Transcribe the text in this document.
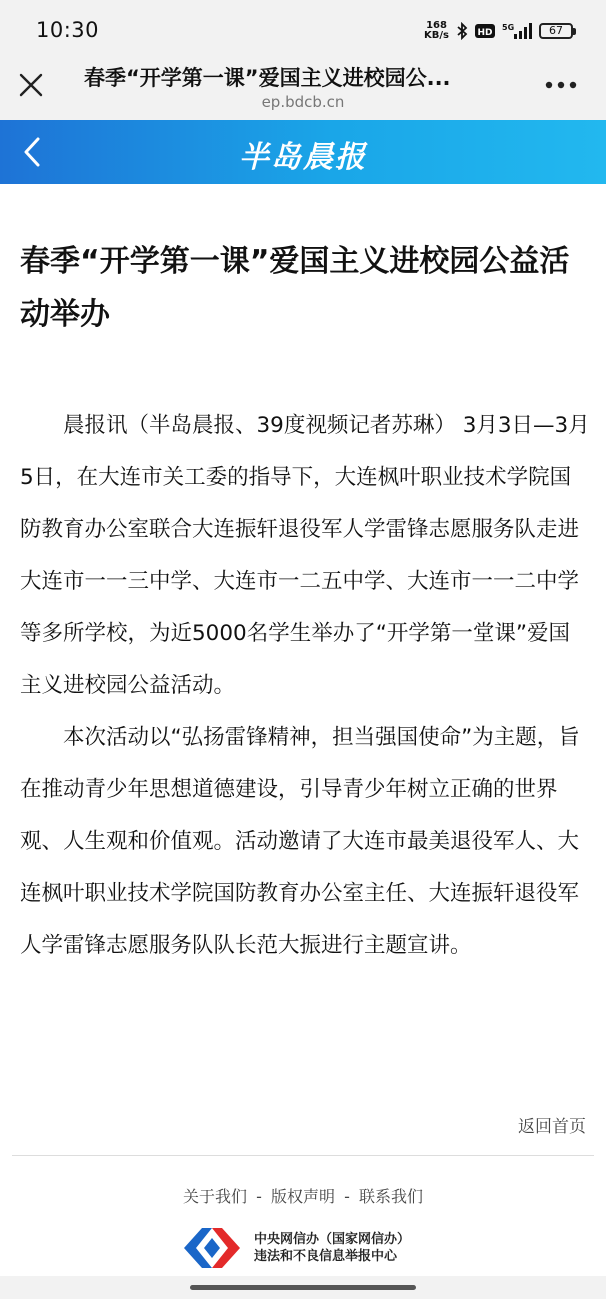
10:30	168
KB/s	HD
5G	67
春季“开学第一课”爱国主义进校园公...
ep.bdcb.cn
半岛晨报
春季“开学第一课”爱国主义进校园公益活动举办

晨报讯（半岛晨报、39度视频记者苏琳） 3月3日—3月5日，在大连市关工委的指导下，大连枫叶职业技术学院国防教育办公室联合大连振轩退役军人学雷锋志愿服务队走进大连市一一三中学、大连市一二五中学、大连市一一二中学等多所学校，为近5000名学生举办了“开学第一堂课”爱国主义进校园公益活动。

本次活动以“弘扬雷锋精神，担当强国使命”为主题，旨在推动青少年思想道德建设，引导青少年树立正确的世界观、人生观和价值观。活动邀请了大连市最美退役军人、大连枫叶职业技术学院国防教育办公室主任、大连振轩退役军人学雷锋志愿服务队队长范大振进行主题宣讲。

返回首页
关于我们 - 版权声明 - 联系我们
中央网信办（国家网信办）
违法和不良信息举报中心
